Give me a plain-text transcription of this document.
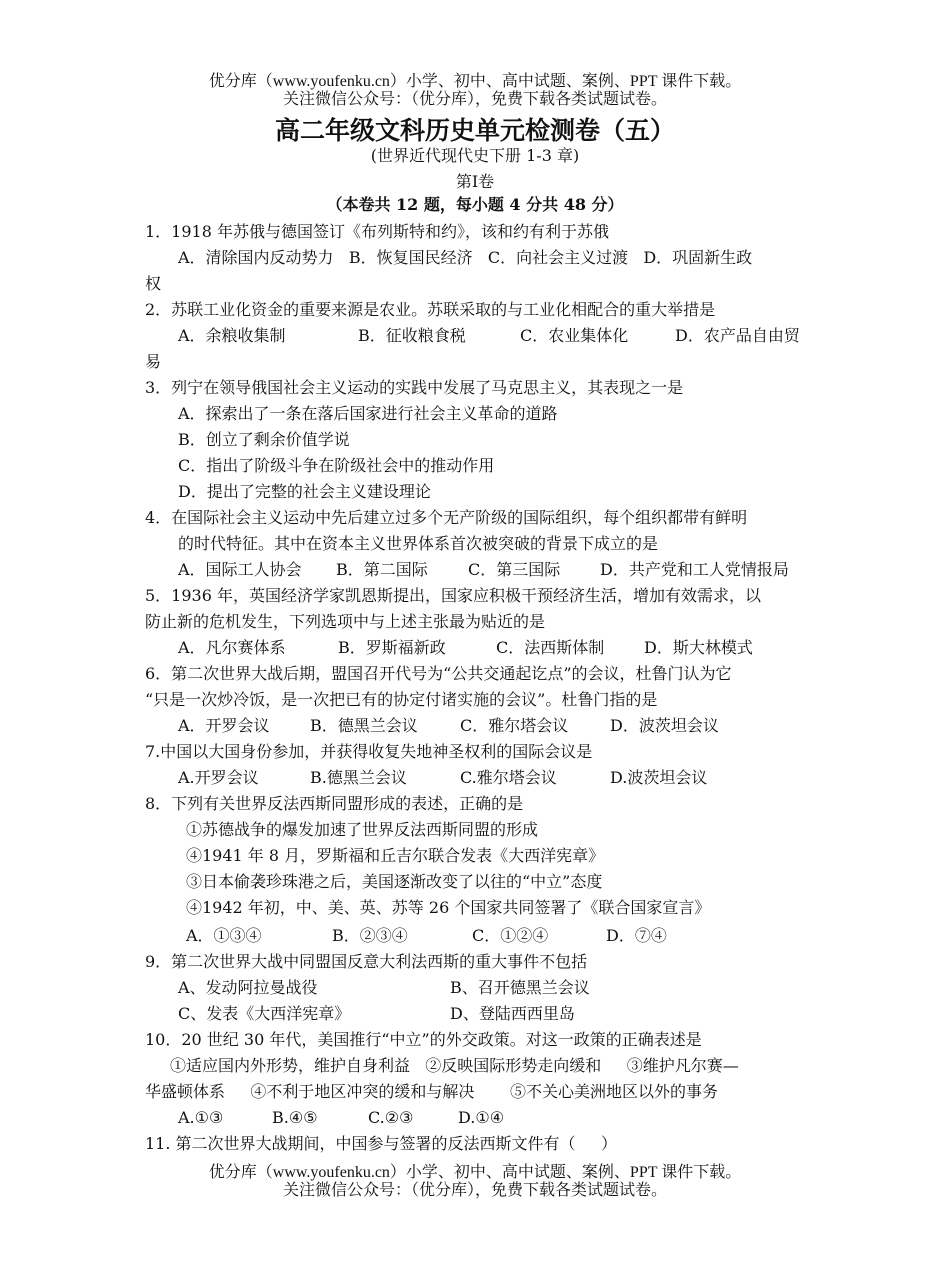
优分库（www.youfenku.cn）小学、初中、高中试题、案例、PPT 课件下载。
关注微信公众号：（优分库），免费下载各类试题试卷。
高二年级文科历史单元检测卷（五）
(世界近代现代史下册 1-3 章)
第Ⅰ卷
（本卷共 12 题，每小题 4 分共 48 分）
1．1918 年苏俄与德国签订《布列斯特和约》，该和约有利于苏俄
A．清除国内反动势力   B．恢复国民经济   C．向社会主义过渡   D．巩固新生政
权
2．苏联工业化资金的重要来源是农业。苏联采取的与工业化相配合的重大举措是
A．余粮收集制	B．征收粮食税	C．农业集体化	D．农产品自由贸
易
3．列宁在领导俄国社会主义运动的实践中发展了马克思主义，其表现之一是
A．探索出了一条在落后国家进行社会主义革命的道路
B．创立了剩余价值学说
C．指出了阶级斗争在阶级社会中的推动作用
D．提出了完整的社会主义建设理论
4．在国际社会主义运动中先后建立过多个无产阶级的国际组织，每个组织都带有鲜明
的时代特征。其中在资本主义世界体系首次被突破的背景下成立的是
A．国际工人协会 B．第二国际	C．第三国际 D．共产党和工人党情报局
5．1936 年，英国经济学家凯恩斯提出，国家应积极干预经济生活，增加有效需求，以
防止新的危机发生，下列选项中与上述主张最为贴近的是
A．凡尔赛体系	B．罗斯福新政	C．法西斯体制 D．斯大林模式
6．第二次世界大战后期，盟国召开代号为“公共交通起讫点”的会议，杜鲁门认为它
“只是一次炒冷饭，是一次把已有的协定付诸实施的会议”。杜鲁门指的是
A．开罗会议	B．德黑兰会议	C．雅尔塔会议	D．波茨坦会议
7.中国以大国身份参加，并获得收复失地神圣权利的国际会议是
A.开罗会议	B.德黑兰会议	C.雅尔塔会议	D.波茨坦会议
8．下列有关世界反法西斯同盟形成的表述，正确的是
①苏德战争的爆发加速了世界反法西斯同盟的形成
④1941 年 8 月，罗斯福和丘吉尔联合发表《大西洋宪章》
③日本偷袭珍珠港之后，美国逐渐改变了以往的“中立”态度
④1942 年初，中、美、英、苏等 26 个国家共同签署了《联合国家宣言》
A．①③④	B．②③④	C．①②④	D．⑦④
9．第二次世界大战中同盟国反意大利法西斯的重大事件不包括
A、发动阿拉曼战役	B、召开德黑兰会议
C、发表《大西洋宪章》	D、登陆西西里岛
10．20 世纪 30 年代，美国推行“中立”的外交政策。对这一政策的正确表述是
①适应国内外形势，维护自身利益   ②反映国际形势走向缓和     ③维护凡尔赛—
华盛顿体系     ④不利于地区冲突的缓和与解决       ⑤不关心美洲地区以外的事务
A.①③	B.④⑤	C.②③	D.①④
11. 第二次世界大战期间，中国参与签署的反法西斯文件有（     ）
优分库（www.youfenku.cn）小学、初中、高中试题、案例、PPT 课件下载。
关注微信公众号：（优分库），免费下载各类试题试卷。
